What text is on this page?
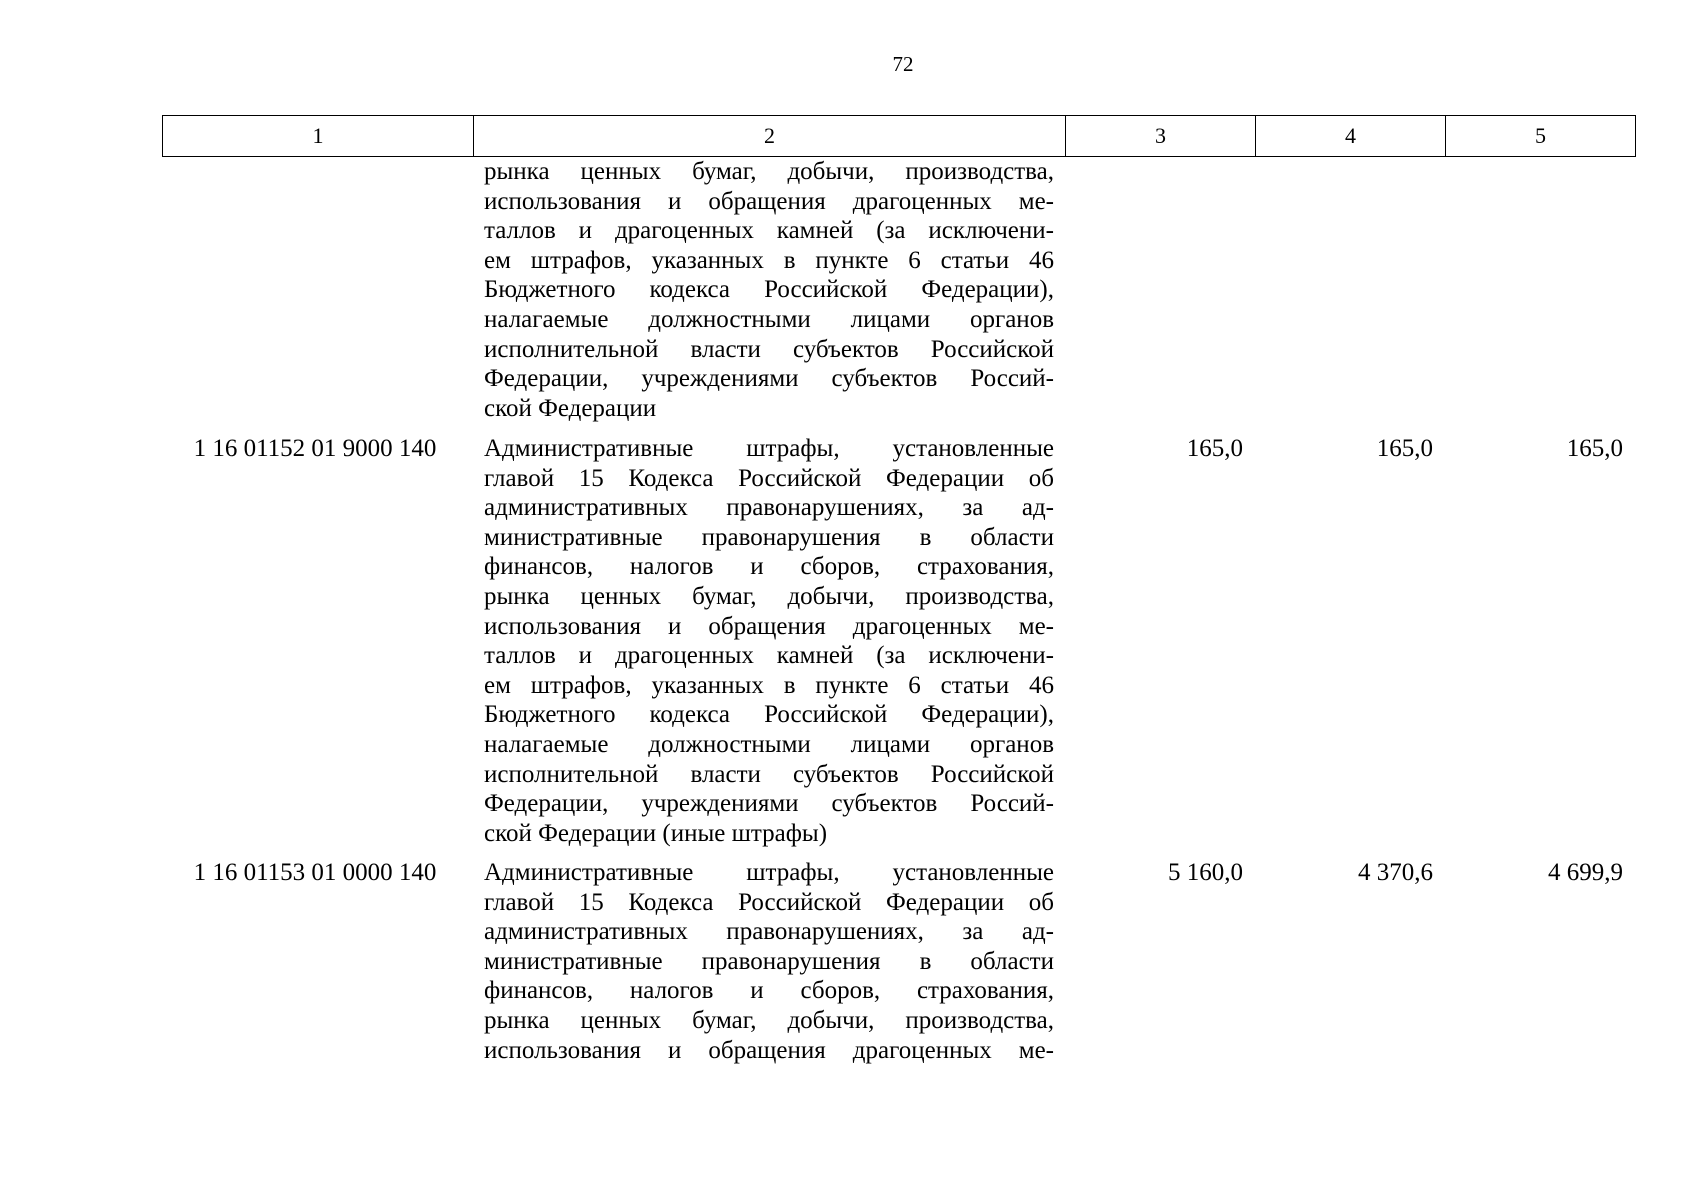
72
1	2	3	4	5
рынка ценных бумаг, добычи, производства,
использования и обращения драгоценных ме-
таллов и драгоценных камней (за исключени-
ем штрафов, указанных в пункте 6 статьи 46
Бюджетного кодекса Российской Федерации),
налагаемые должностными лицами органов
исполнительной власти субъектов Российской
Федерации, учреждениями субъектов Россий-
ской Федерации
1 16 01152 01 9000 140	Административные штрафы, установленные
главой 15 Кодекса Российской Федерации об
административных правонарушениях, за ад-
министративные правонарушения в области
финансов, налогов и сборов, страхования,
рынка ценных бумаг, добычи, производства,
использования и обращения драгоценных ме-
таллов и драгоценных камней (за исключени-
ем штрафов, указанных в пункте 6 статьи 46
Бюджетного кодекса Российской Федерации),
налагаемые должностными лицами органов
исполнительной власти субъектов Российской
Федерации, учреждениями субъектов Россий-
ской Федерации (иные штрафы)
165,0	165,0	165,0
1 16 01153 01 0000 140	Административные штрафы, установленные
главой 15 Кодекса Российской Федерации об
административных правонарушениях, за ад-
министративные правонарушения в области
финансов, налогов и сборов, страхования,
рынка ценных бумаг, добычи, производства,
использования и обращения драгоценных ме-
5 160,0	4 370,6	4 699,9
